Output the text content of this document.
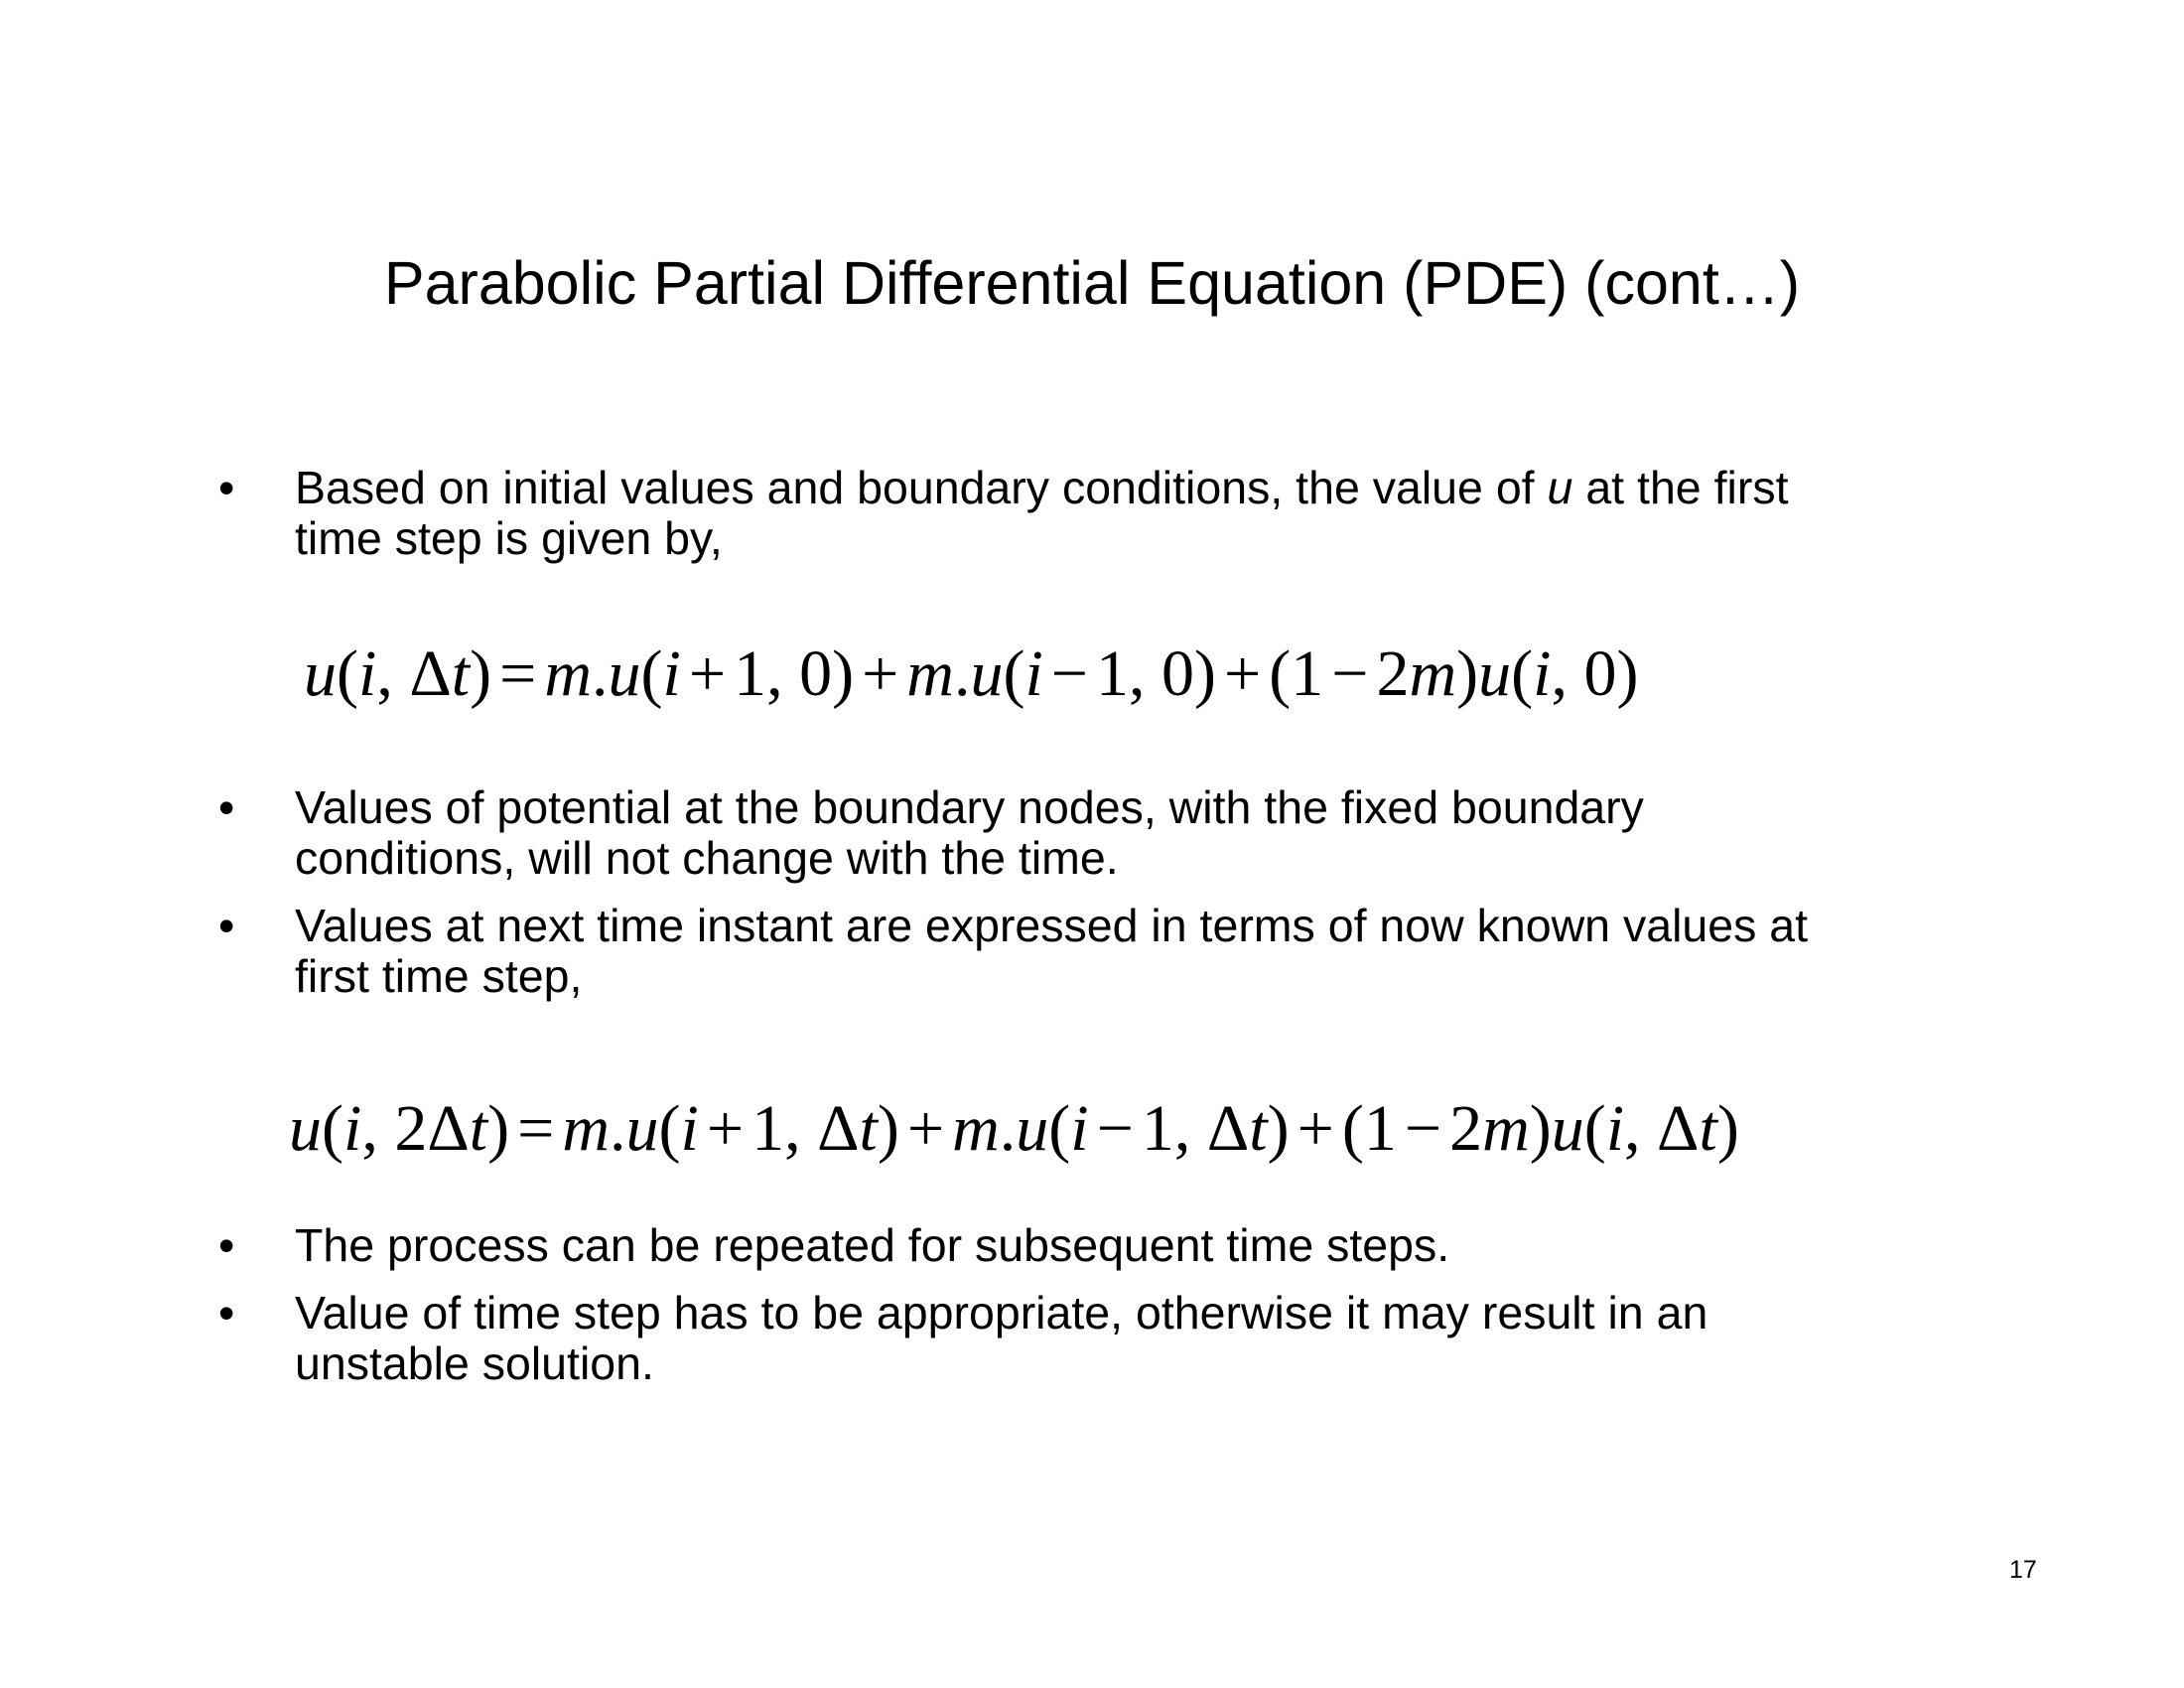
Parabolic Partial Differential Equation (PDE) (cont…)
•	Based on initial values and boundary conditions, the value of u at the first
time step is given by,
u(i, Δt) = m.u(i + 1, 0) + m.u(i − 1, 0) + (1 − 2m)u(i, 0)
•	Values of potential at the boundary nodes, with the fixed boundary
conditions, will not change with the time.
•	Values at next time instant are expressed in terms of now known values at
first time step,
u(i, 2Δt) = m.u(i + 1, Δt) + m.u(i − 1, Δt) + (1 − 2m)u(i, Δt)
•	The process can be repeated for subsequent time steps.
•	Value of time step has to be appropriate, otherwise it may result in an
unstable solution.
17
